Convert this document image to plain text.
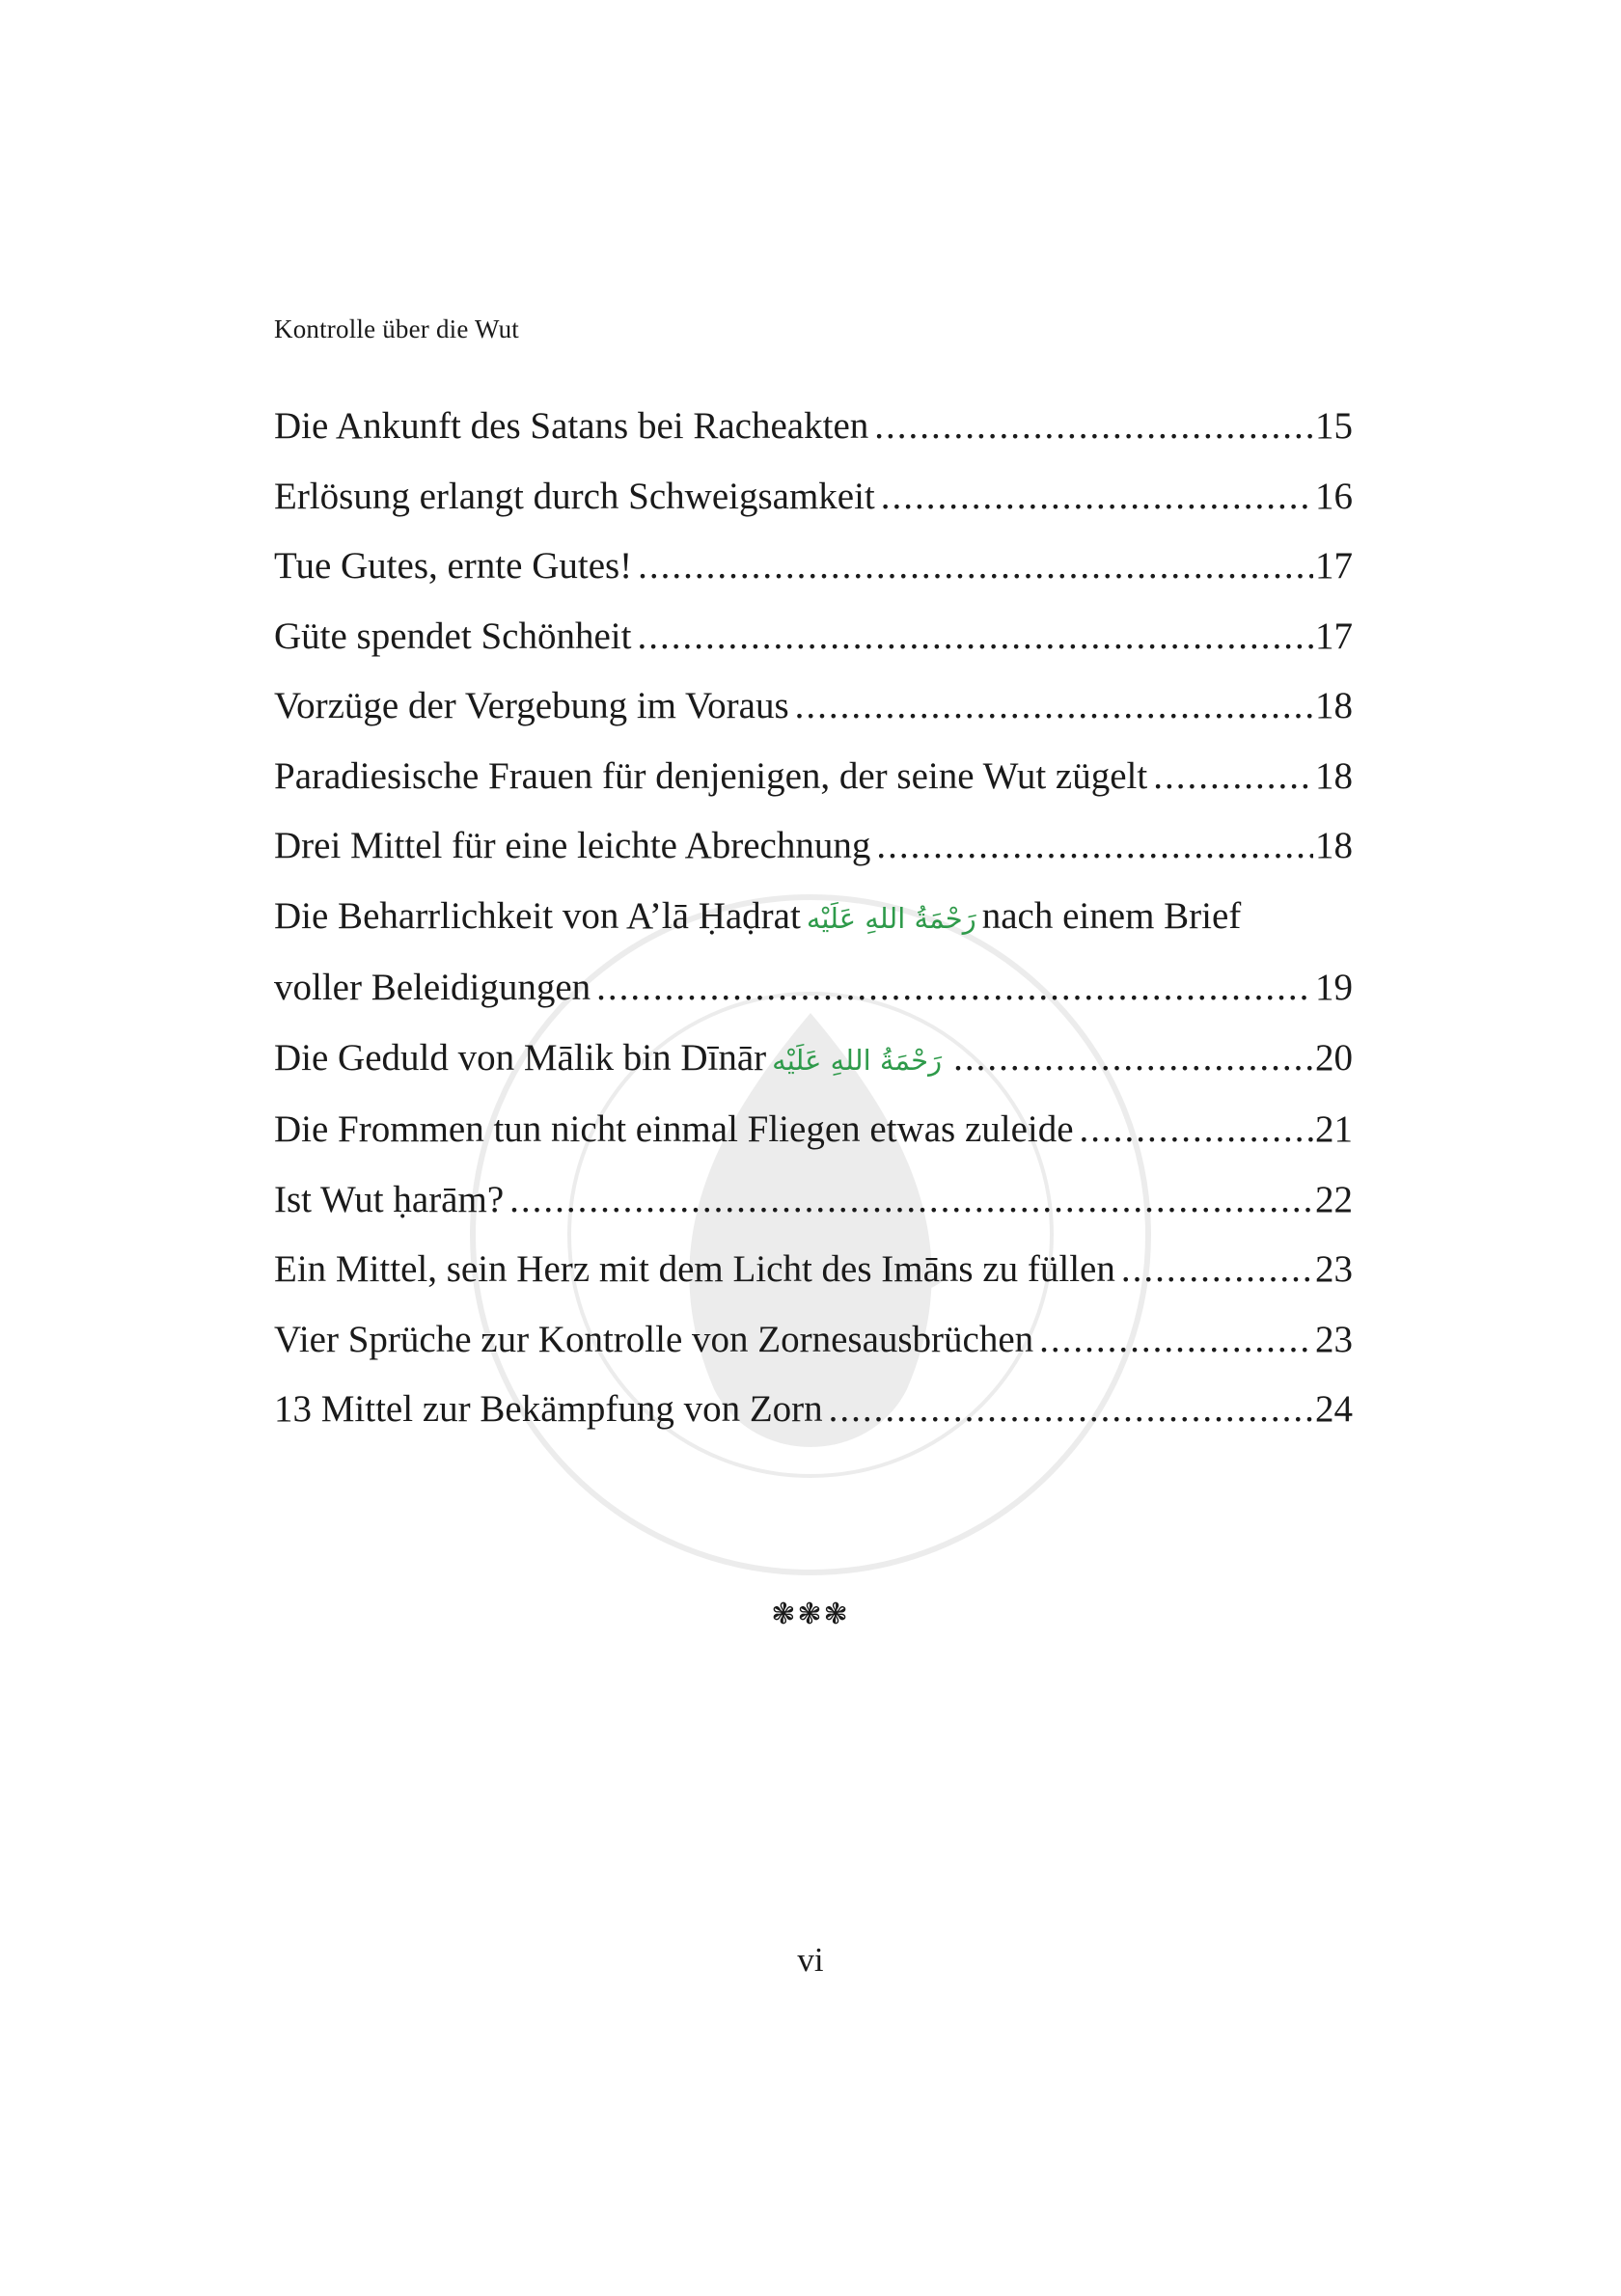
Kontrolle über die Wut
Die Ankunft des Satans bei Racheakten .....	15
Erlösung erlangt durch Schweigsamkeit .....	16
Tue Gutes, ernte Gutes! .....	17
Güte spendet Schönheit .....	17
Vorzüge der Vergebung im Voraus .....	18
Paradiesische Frauen für denjenigen, der seine Wut zügelt .....	18
Drei Mittel für eine leichte Abrechnung .....	18
Die Beharrlichkeit von A’lā Ḥaḍrat رَحْمَةُ اللهِ عَلَيْه nach einem Brief
voller Beleidigungen .....	19
Die Geduld von Mālik bin Dīnār رَحْمَةُ اللهِ عَلَيْه .....	20
Die Frommen tun nicht einmal Fliegen etwas zuleide .....	21
Ist Wut ḥarām? .....	22
Ein Mittel, sein Herz mit dem Licht des Imāns zu füllen .....	23
Vier Sprüche zur Kontrolle von Zornesausbrüchen .....	23
13 Mittel zur Bekämpfung von Zorn .....	24
❃❃❃
vi
